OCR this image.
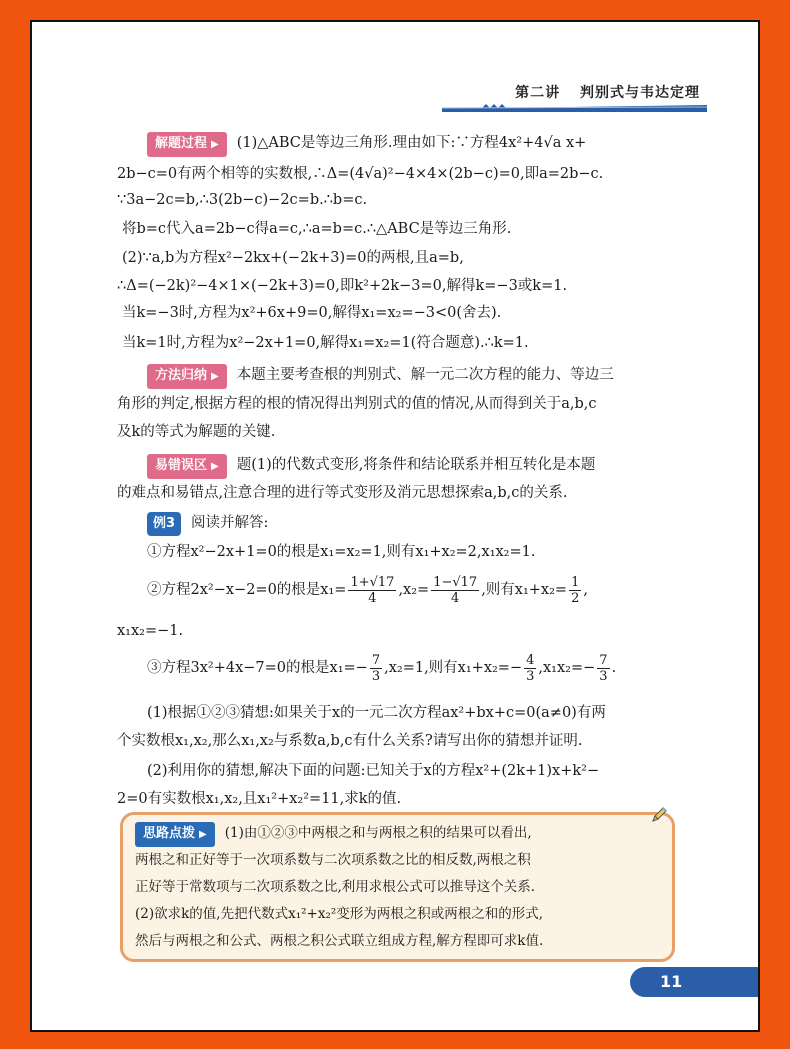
第二讲 判别式与韦达定理
解题过程 ▶ (1)△ABC是等边三角形.理由如下:∵方程4x²+4√a x+
2b−c=0有两个相等的实数根,∴Δ=(4√a)²−4×4×(2b−c)=0,即a=2b−c.
∵3a−2c=b,∴3(2b−c)−2c=b.∴b=c.
将b=c代入a=2b−c得a=c,∴a=b=c.∴△ABC是等边三角形.
(2)∵a,b为方程x²−2kx+(−2k+3)=0的两根,且a=b,
∴Δ=(−2k)²−4×1×(−2k+3)=0,即k²+2k−3=0,解得k=−3或k=1.
当k=−3时,方程为x²+6x+9=0,解得x₁=x₂=−3<0(舍去).
当k=1时,方程为x²−2x+1=0,解得x₁=x₂=1(符合题意).∴k=1.
方法归纳 ▶ 本题主要考查根的判别式、解一元二次方程的能力、等边三
角形的判定,根据方程的根的情况得出判别式的值的情况,从而得到关于a,b,c
及k的等式为解题的关键.
易错误区 ▶ 题(1)的代数式变形,将条件和结论联系并相互转化是本题
的难点和易错点,注意合理的进行等式变形及消元思想探索a,b,c的关系.
例3 阅读并解答:
①方程x²−2x+1=0的根是x₁=x₂=1,则有x₁+x₂=2,x₁x₂=1.
②方程2x²−x−2=0的根是$x_1= \frac{1+√17}{4} ,x_2= \frac{1-√17}{4}$ ,则有$x_1+x_2= \frac{1}{2}$ ,
x₁x₂=−1.
③方程3x²+4x−7=0的根是$x_1=- \frac{7}{3} ,x_2=1$,则有$x_1+x_2=- \frac{4}{3} ,x_1x_2=- \frac{7}{3}$ .
(1)根据①②③猜想:如果关于x的一元二次方程ax²+bx+c=0(a≠0)有两
个实数根x₁,x₂,那么x₁,x₂与系数a,b,c有什么关系?请写出你的猜想并证明.
(2)利用你的猜想,解决下面的问题:已知关于x的方程x²+(2k+1)x+k²−
2=0有实数根x₁,x₂,且x₁²+x₂²=11,求k的值.
思路点拨 ▶ (1)由①②③中两根之和与两根之积的结果可以看出,
两根之和正好等于一次项系数与二次项系数之比的相反数,两根之积
正好等于常数项与二次项系数之比,利用求根公式可以推导这个关系.
(2)欲求k的值,先把代数式x₁²+x₂²变形为两根之积或两根之和的形式,
然后与两根之和公式、两根之积公式联立组成方程,解方程即可求k值.
11
